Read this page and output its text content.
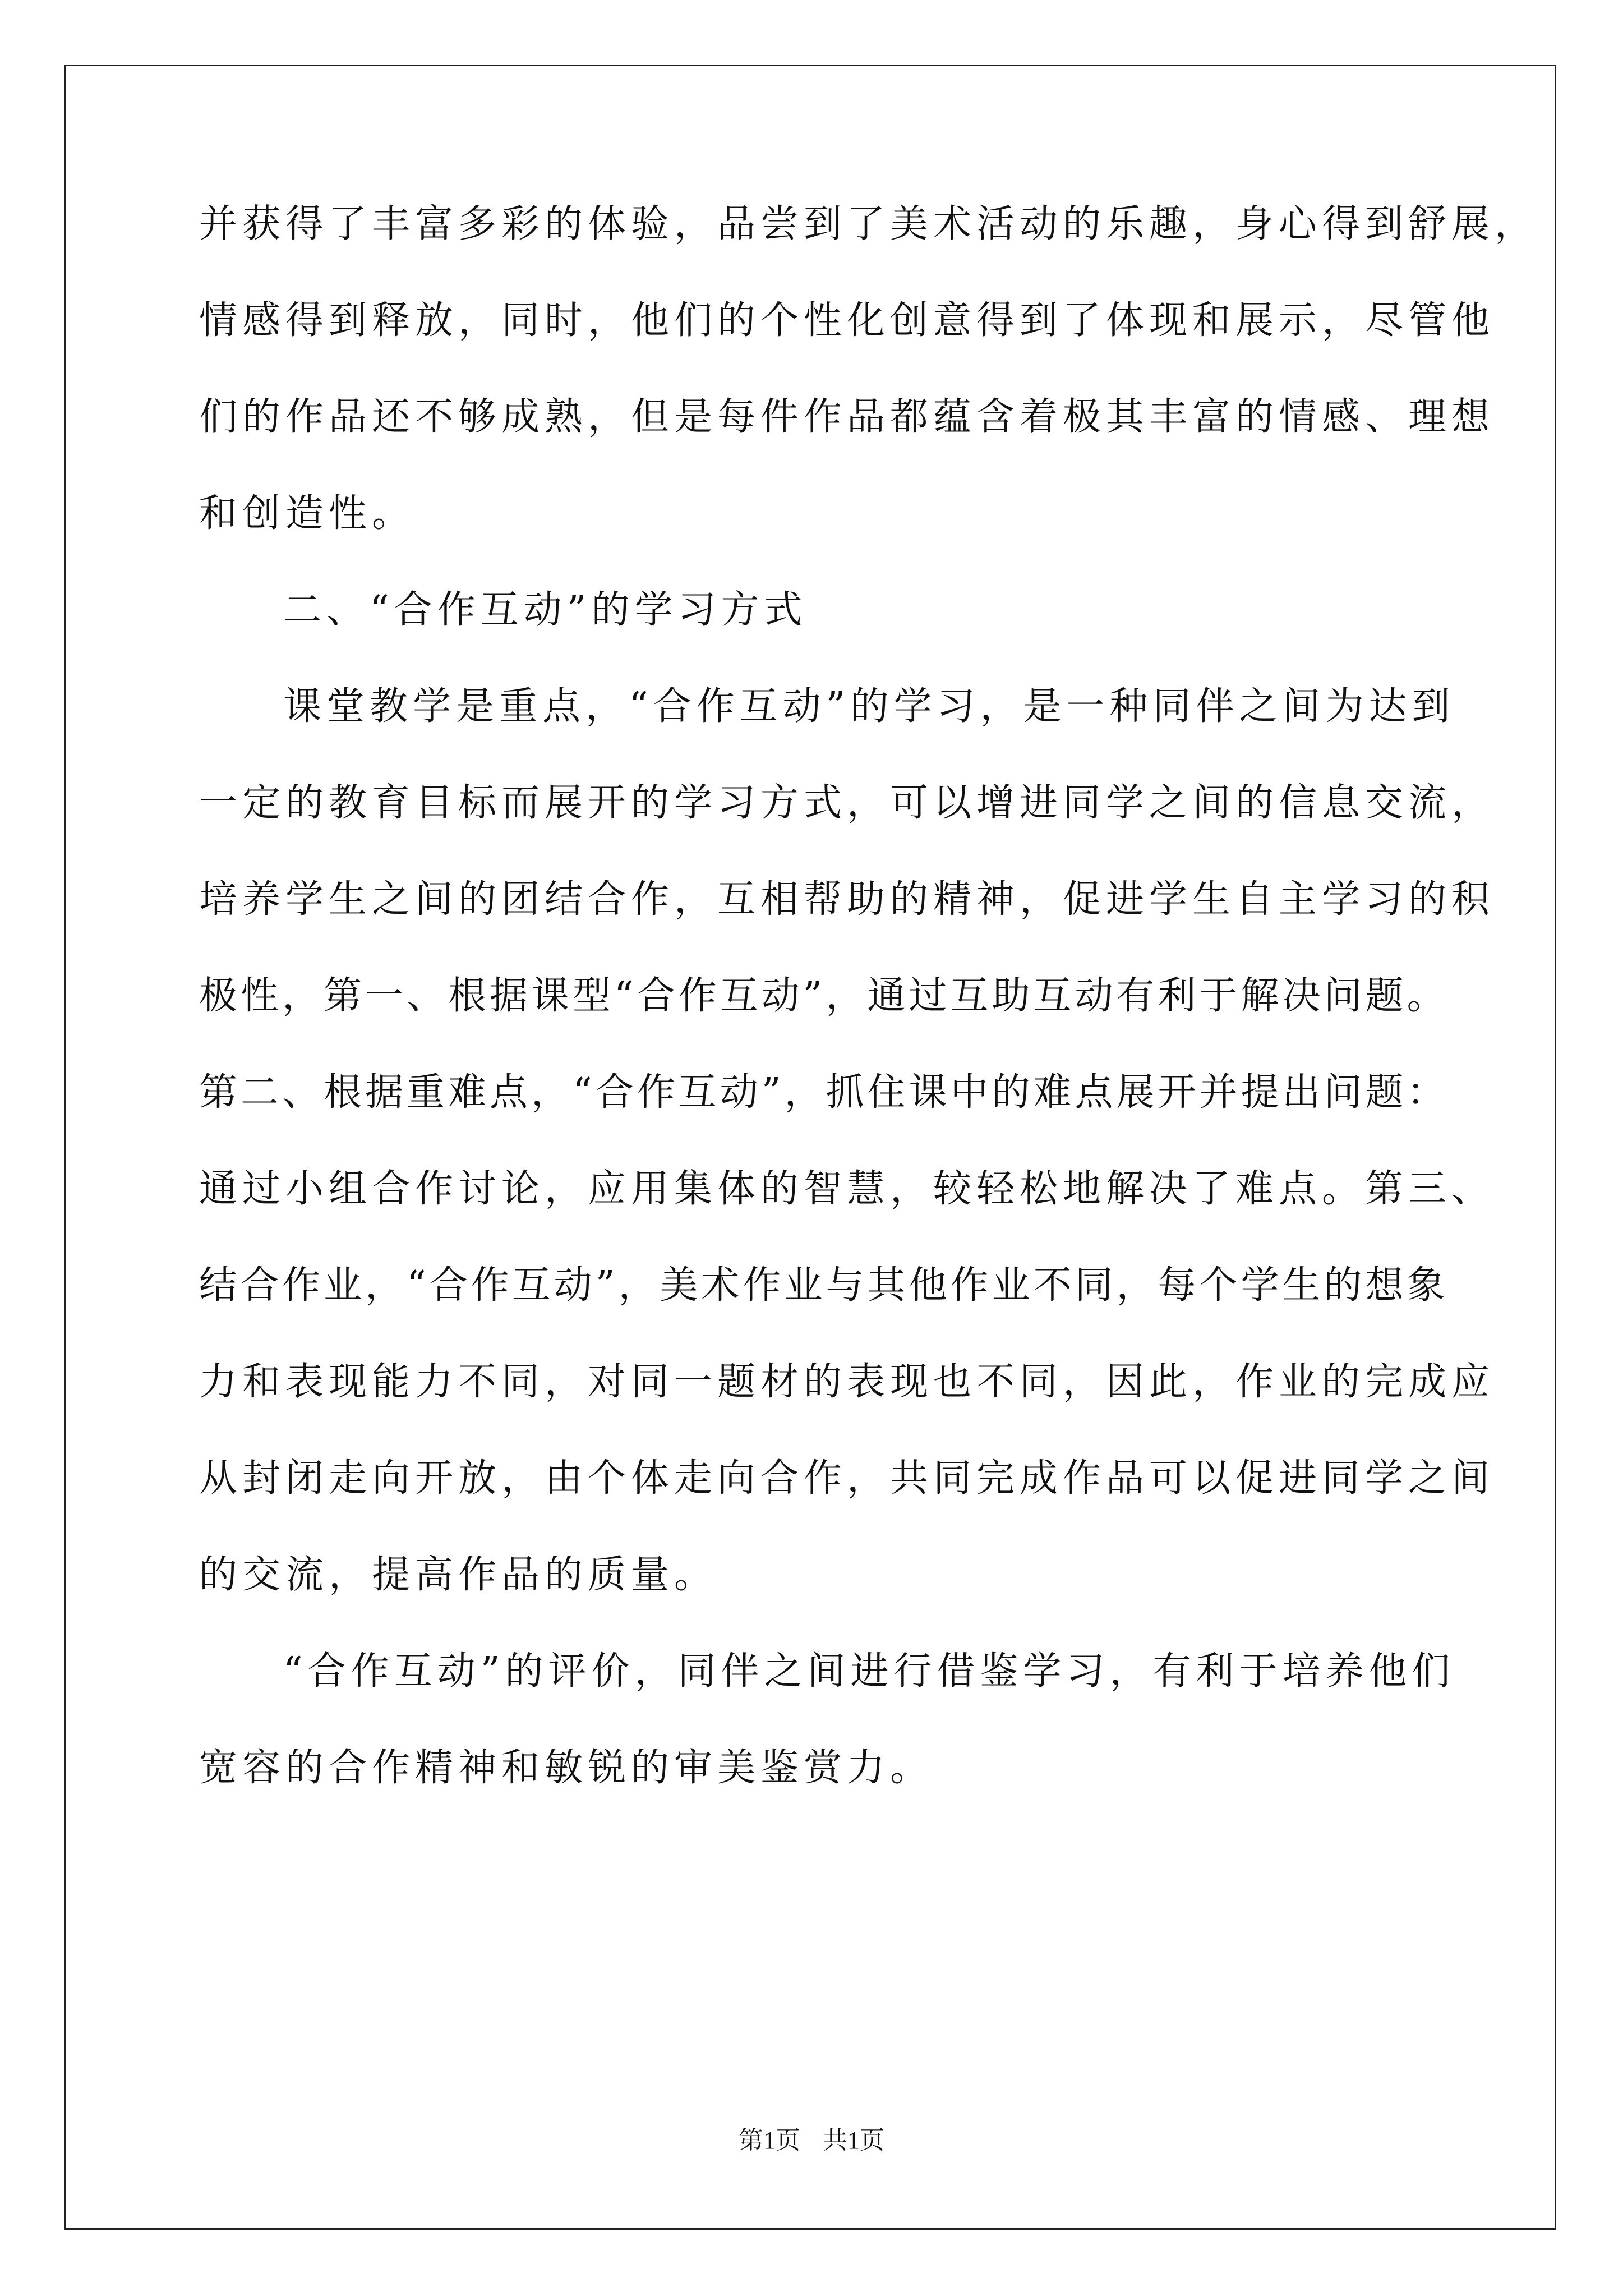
并获得了丰富多彩的体验，品尝到了美术活动的乐趣，身心得到舒展，
情感得到释放，同时，他们的个性化创意得到了体现和展示，尽管他
们的作品还不够成熟，但是每件作品都蕴含着极其丰富的情感、理想
和创造性。
二、“合作互动”的学习方式
课堂教学是重点，“合作互动”的学习，是一种同伴之间为达到
一定的教育目标而展开的学习方式，可以增进同学之间的信息交流，
培养学生之间的团结合作，互相帮助的精神，促进学生自主学习的积
极性，第一、根据课型“合作互动”，通过互助互动有利于解决问题。
第二、根据重难点，“合作互动”，抓住课中的难点展开并提出问题：
通过小组合作讨论，应用集体的智慧，较轻松地解决了难点。第三、
结合作业，“合作互动”，美术作业与其他作业不同，每个学生的想象
力和表现能力不同，对同一题材的表现也不同，因此，作业的完成应
从封闭走向开放，由个体走向合作，共同完成作品可以促进同学之间
的交流，提高作品的质量。
“合作互动”的评价，同伴之间进行借鉴学习，有利于培养他们
宽容的合作精神和敏锐的审美鉴赏力。
第1页 共1页
